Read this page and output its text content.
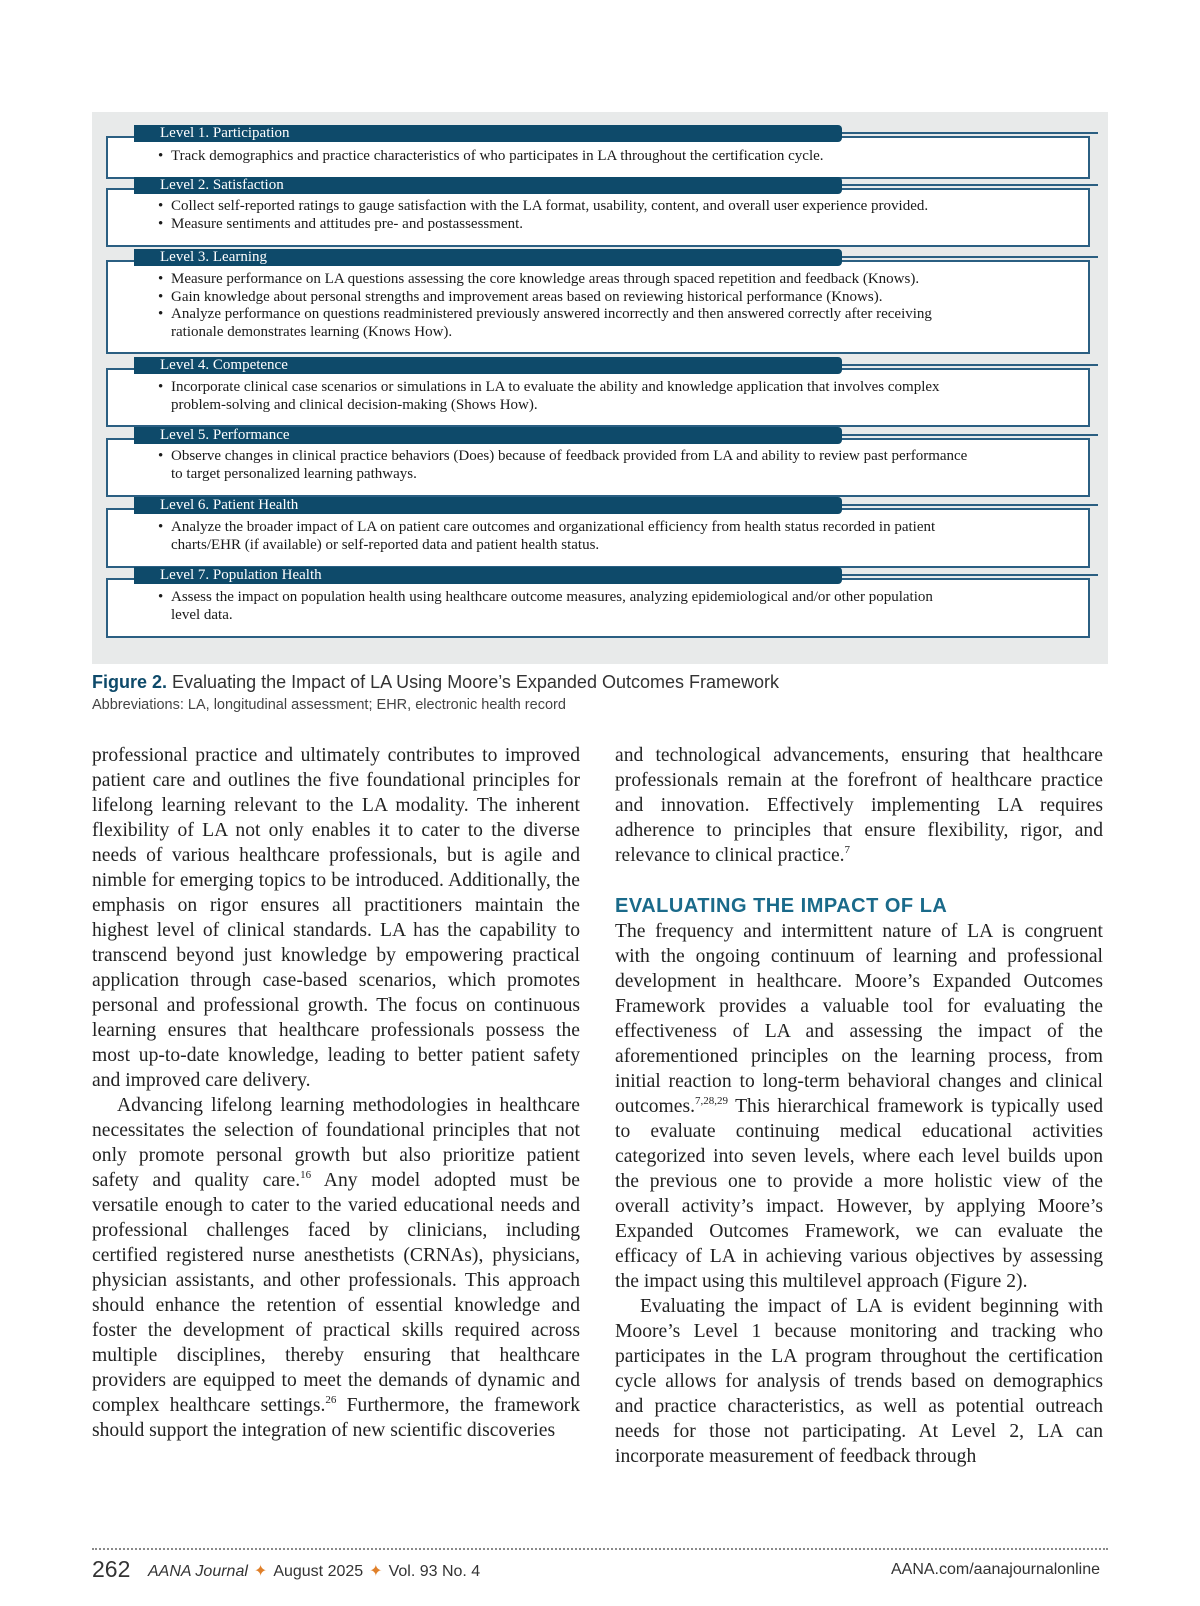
Level 1. Participation
• Track demographics and practice characteristics of who participates in LA throughout the certification cycle.
Level 2. Satisfaction
• Collect self-reported ratings to gauge satisfaction with the LA format, usability, content, and overall user experience provided.
• Measure sentiments and attitudes pre- and postassessment.
Level 3. Learning
• Measure performance on LA questions assessing the core knowledge areas through spaced repetition and feedback (Knows).
• Gain knowledge about personal strengths and improvement areas based on reviewing historical performance (Knows).
• Analyze performance on questions readministered previously answered incorrectly and then answered correctly after receiving rationale demonstrates learning (Knows How).
Level 4. Competence
• Incorporate clinical case scenarios or simulations in LA to evaluate the ability and knowledge application that involves complex problem-solving and clinical decision-making (Shows How).
Level 5. Performance
• Observe changes in clinical practice behaviors (Does) because of feedback provided from LA and ability to review past performance to target personalized learning pathways.
Level 6. Patient Health
• Analyze the broader impact of LA on patient care outcomes and organizational efficiency from health status recorded in patient charts/EHR (if available) or self-reported data and patient health status.
Level 7. Population Health
• Assess the impact on population health using healthcare outcome measures, analyzing epidemiological and/or other population level data.
Figure 2. Evaluating the Impact of LA Using Moore’s Expanded Outcomes Framework
Abbreviations: LA, longitudinal assessment; EHR, electronic health record

professional practice and ultimately contributes to improved patient care and outlines the five foundational principles for lifelong learning relevant to the LA modality. The inherent flexibility of LA not only enables it to cater to the diverse needs of various healthcare professionals, but is agile and nimble for emerging topics to be introduced. Additionally, the emphasis on rigor ensures all practitioners maintain the highest level of clinical standards. LA has the capability to transcend beyond just knowledge by empowering practical application through case-based scenarios, which promotes personal and professional growth. The focus on continuous learning ensures that healthcare professionals possess the most up-to-date knowledge, leading to better patient safety and improved care delivery.

Advancing lifelong learning methodologies in healthcare necessitates the selection of foundational principles that not only promote personal growth but also prioritize patient safety and quality care.$^{16}$ Any model adopted must be versatile enough to cater to the varied educational needs and professional challenges faced by clinicians, including certified registered nurse anesthetists (CRNAs), physicians, physician assistants, and other professionals. This approach should enhance the retention of essential knowledge and foster the development of practical skills required across multiple disciplines, thereby ensuring that healthcare providers are equipped to meet the demands of dynamic and complex healthcare settings.$^{26}$ Furthermore, the framework should support the integration of new scientific discoveries

and technological advancements, ensuring that healthcare professionals remain at the forefront of healthcare practice and innovation. Effectively implementing LA requires adherence to principles that ensure flexibility, rigor, and relevance to clinical practice.$^7$

EVALUATING THE IMPACT OF LA

The frequency and intermittent nature of LA is congruent with the ongoing continuum of learning and professional development in healthcare. Moore’s Expanded Outcomes Framework provides a valuable tool for evaluating the effectiveness of LA and assessing the impact of the aforementioned principles on the learning process, from initial reaction to long-term behavioral changes and clinical outcomes.$^{7,28,29}$ This hierarchical framework is typically used to evaluate continuing medical educational activities categorized into seven levels, where each level builds upon the previous one to provide a more holistic view of the overall activity’s impact. However, by applying Moore’s Expanded Outcomes Framework, we can evaluate the efficacy of LA in achieving various objectives by assessing the impact using this multilevel approach (Figure 2).

Evaluating the impact of LA is evident beginning with Moore’s Level 1 because monitoring and tracking who participates in the LA program throughout the certification cycle allows for analysis of trends based on demographics and practice characteristics, as well as potential outreach needs for those not participating. At Level 2, LA can incorporate measurement of feedback through

262 AANA Journal ✦ August 2025 ✦ Vol. 93 No. 4	AANA.com/aanajournalonline
